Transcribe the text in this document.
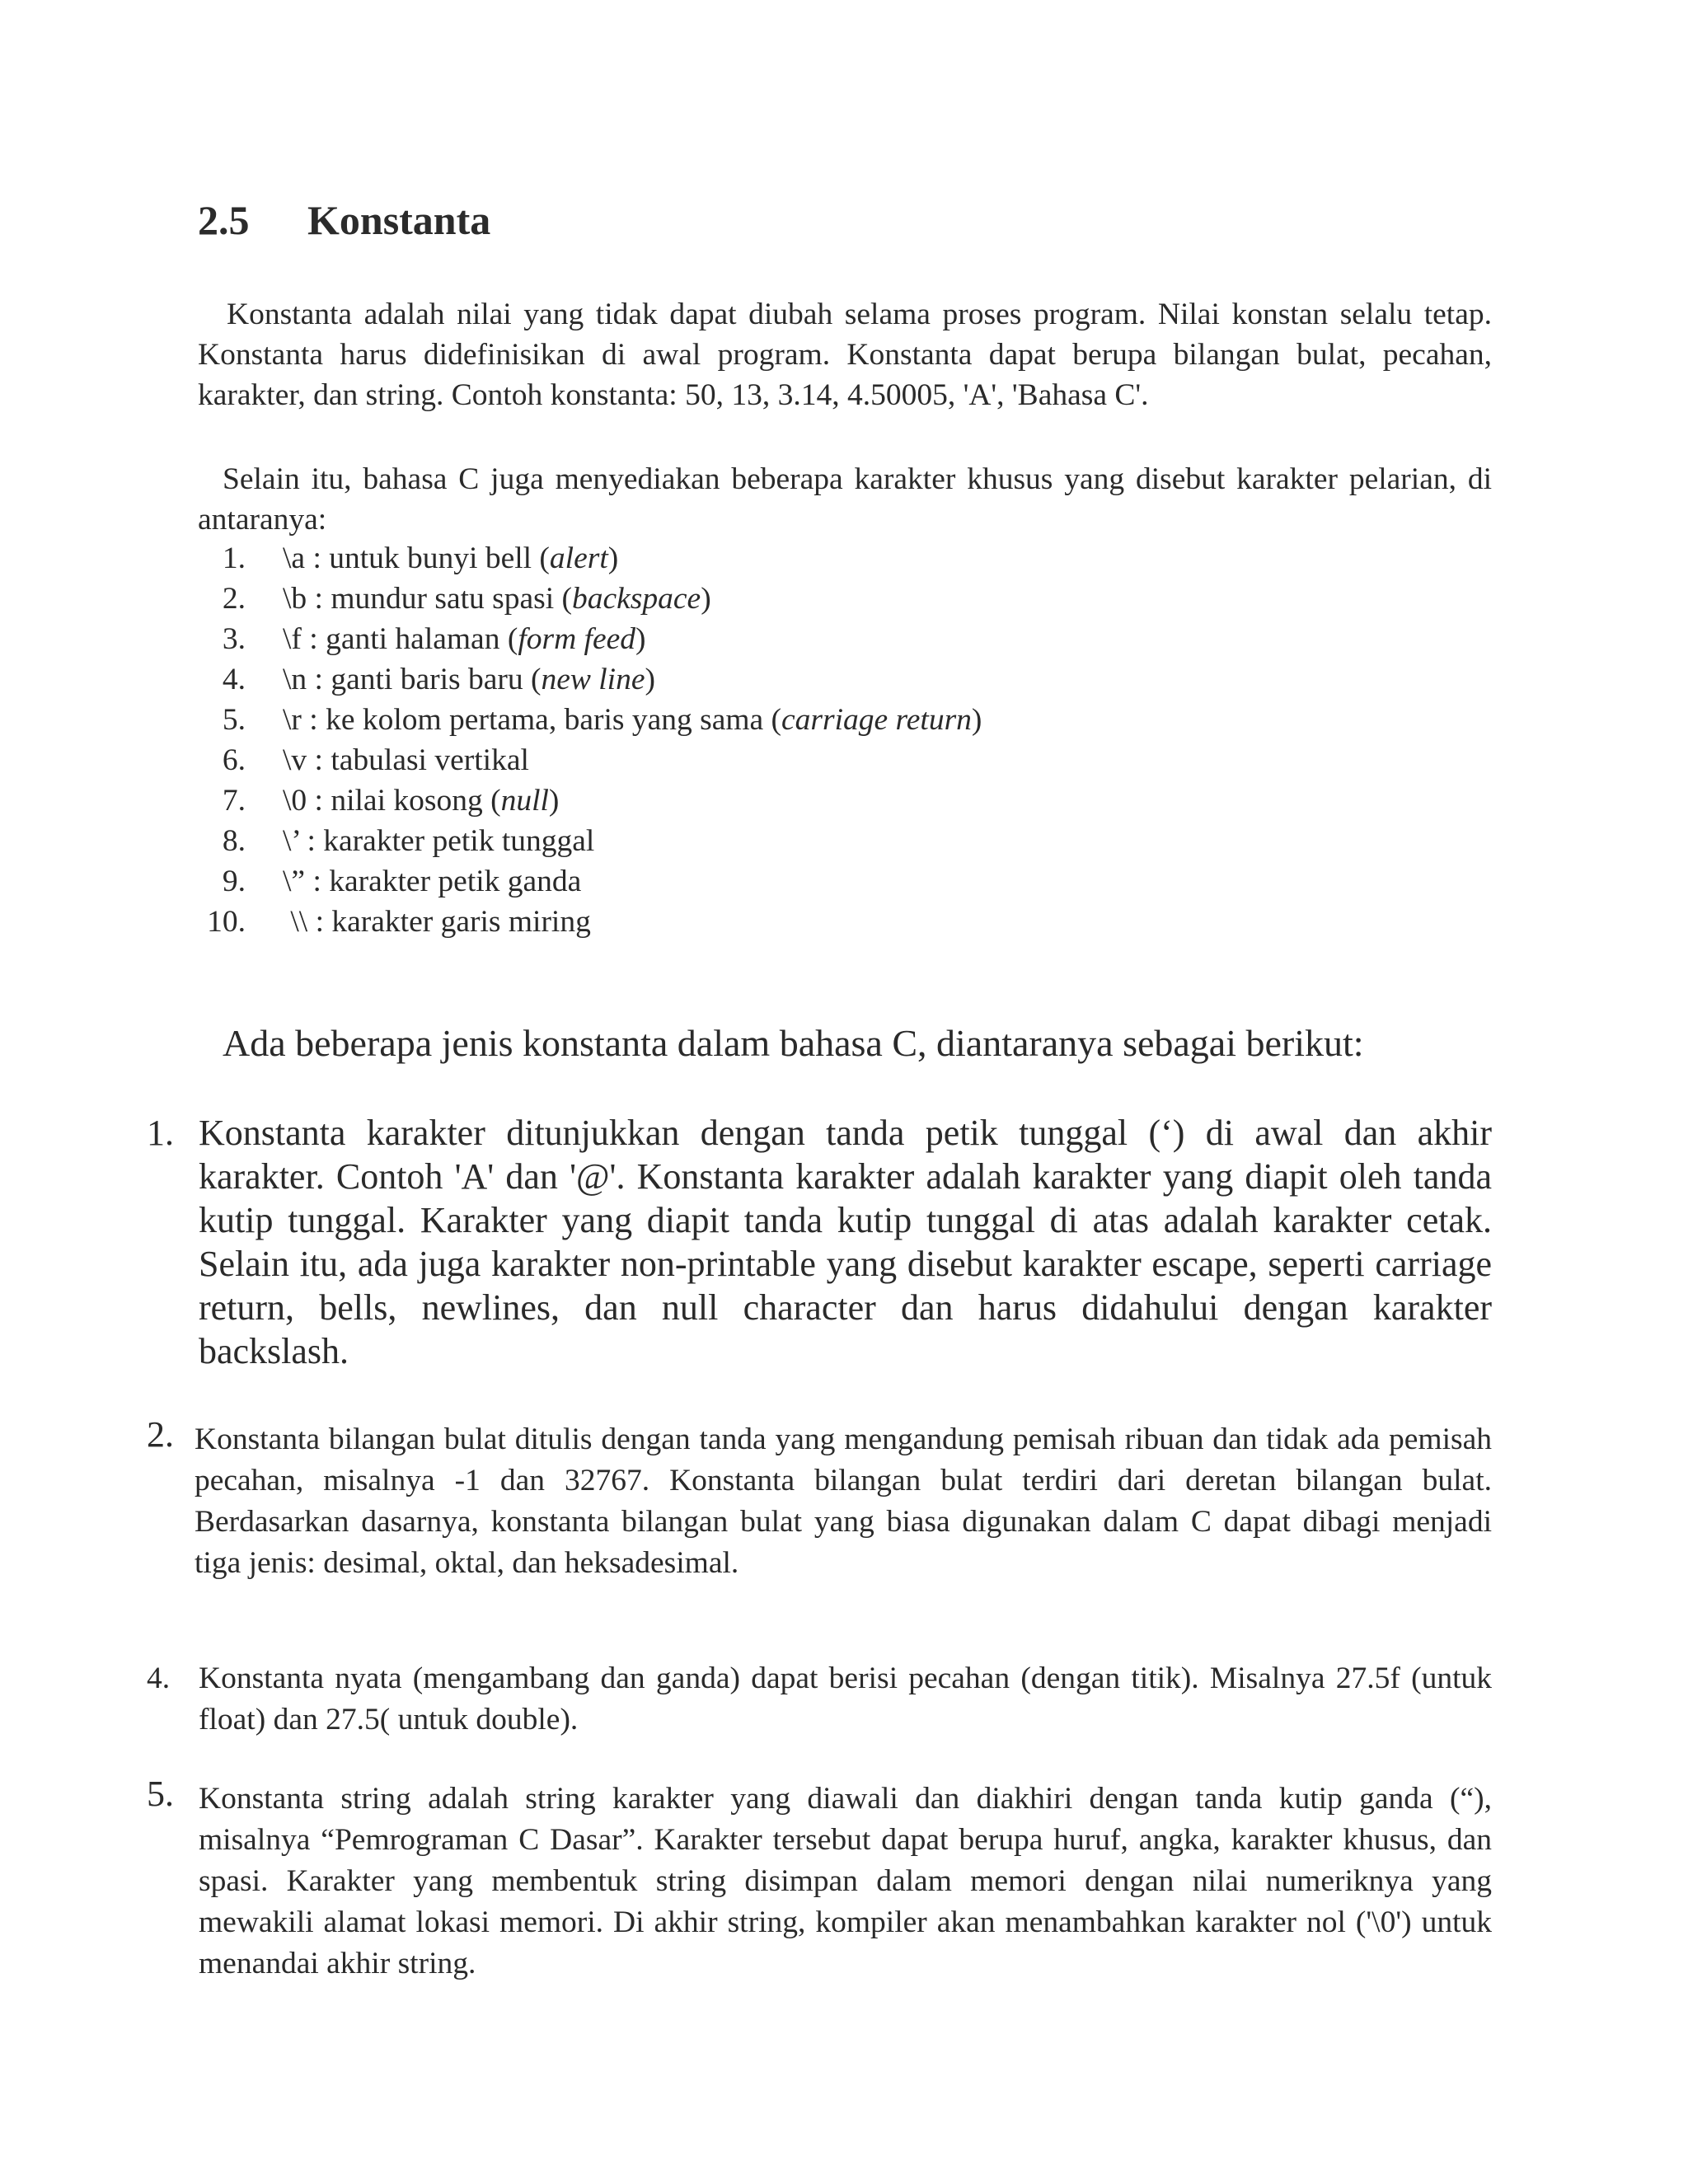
2.5 Konstanta

Konstanta adalah nilai yang tidak dapat diubah selama proses program. Nilai konstan selalu tetap. Konstanta harus didefinisikan di awal program. Konstanta dapat berupa bilangan bulat, pecahan, karakter, dan string. Contoh konstanta: 50, 13, 3.14, 4.50005, 'A', 'Bahasa C'.

Selain itu, bahasa C juga menyediakan beberapa karakter khusus yang disebut karakter pelarian, di antaranya:

1. \a : untuk bunyi bell (alert)
2. \b : mundur satu spasi (backspace)
3. \f : ganti halaman (form feed)
4. \n : ganti baris baru (new line)
5. \r : ke kolom pertama, baris yang sama (carriage return)
6. \v : tabulasi vertikal
7. \0 : nilai kosong (null)
8. \’ : karakter petik tunggal
9. \” : karakter petik ganda
10. \\ : karakter garis miring

Ada beberapa jenis konstanta dalam bahasa C, diantaranya sebagai berikut:

1. Konstanta karakter ditunjukkan dengan tanda petik tunggal (‘) di awal dan akhir karakter. Contoh 'A' dan '@'. Konstanta karakter adalah karakter yang diapit oleh tanda kutip tunggal. Karakter yang diapit tanda kutip tunggal di atas adalah karakter cetak. Selain itu, ada juga karakter non-printable yang disebut karakter escape, seperti carriage return, bells, newlines, dan null character dan harus didahului dengan karakter backslash.
2. Konstanta bilangan bulat ditulis dengan tanda yang mengandung pemisah ribuan dan tidak ada pemisah pecahan, misalnya -1 dan 32767. Konstanta bilangan bulat terdiri dari deretan bilangan bulat. Berdasarkan dasarnya, konstanta bilangan bulat yang biasa digunakan dalam C dapat dibagi menjadi tiga jenis: desimal, oktal, dan heksadesimal.
4. Konstanta nyata (mengambang dan ganda) dapat berisi pecahan (dengan titik). Misalnya 27.5f (untuk float) dan 27.5( untuk double).
5. Konstanta string adalah string karakter yang diawali dan diakhiri dengan tanda kutip ganda (“), misalnya “Pemrograman C Dasar”. Karakter tersebut dapat berupa huruf, angka, karakter khusus, dan spasi. Karakter yang membentuk string disimpan dalam memori dengan nilai numeriknya yang mewakili alamat lokasi memori. Di akhir string, kompiler akan menambahkan karakter nol ('\0') untuk menandai akhir string.
